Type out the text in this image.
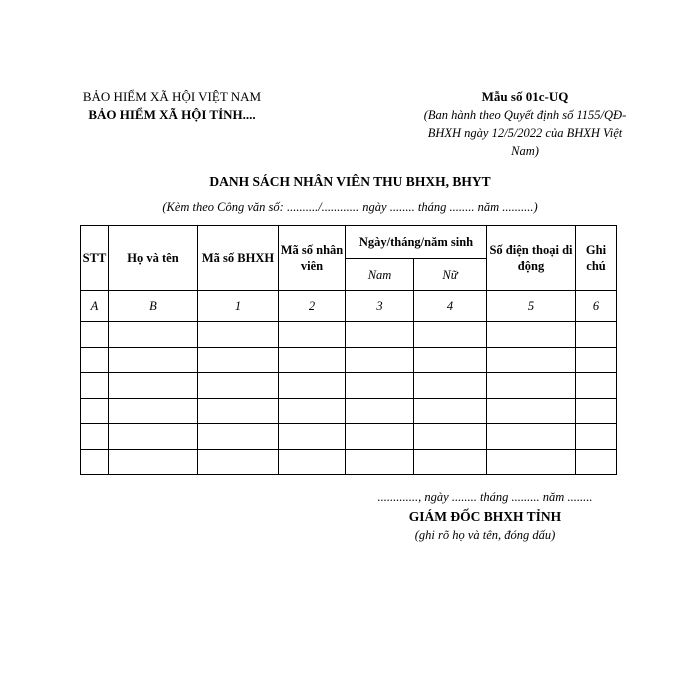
BẢO HIỂM XÃ HỘI VIỆT NAM
BẢO HIỂM XÃ HỘI TỈNH....
Mẫu số 01c-UQ
(Ban hành theo Quyết định số 1155/QĐ-BHXH ngày 12/5/2022 của BHXH Việt Nam)
DANH SÁCH NHÂN VIÊN THU BHXH, BHYT
(Kèm theo Công văn số: ........../............ ngày ........ tháng ........ năm ..........)
STT	Họ và tên	Mã số BHXH	Mã số nhân viên	Ngày/tháng/năm sinh		Số điện thoại di động	Ghi chú
				Nam	Nữ		
A	B	1	2	3	4	5	6

............., ngày ........ tháng ......... năm ........
GIÁM ĐỐC BHXH TỈNH
(ghi rõ họ và tên, đóng dấu)
